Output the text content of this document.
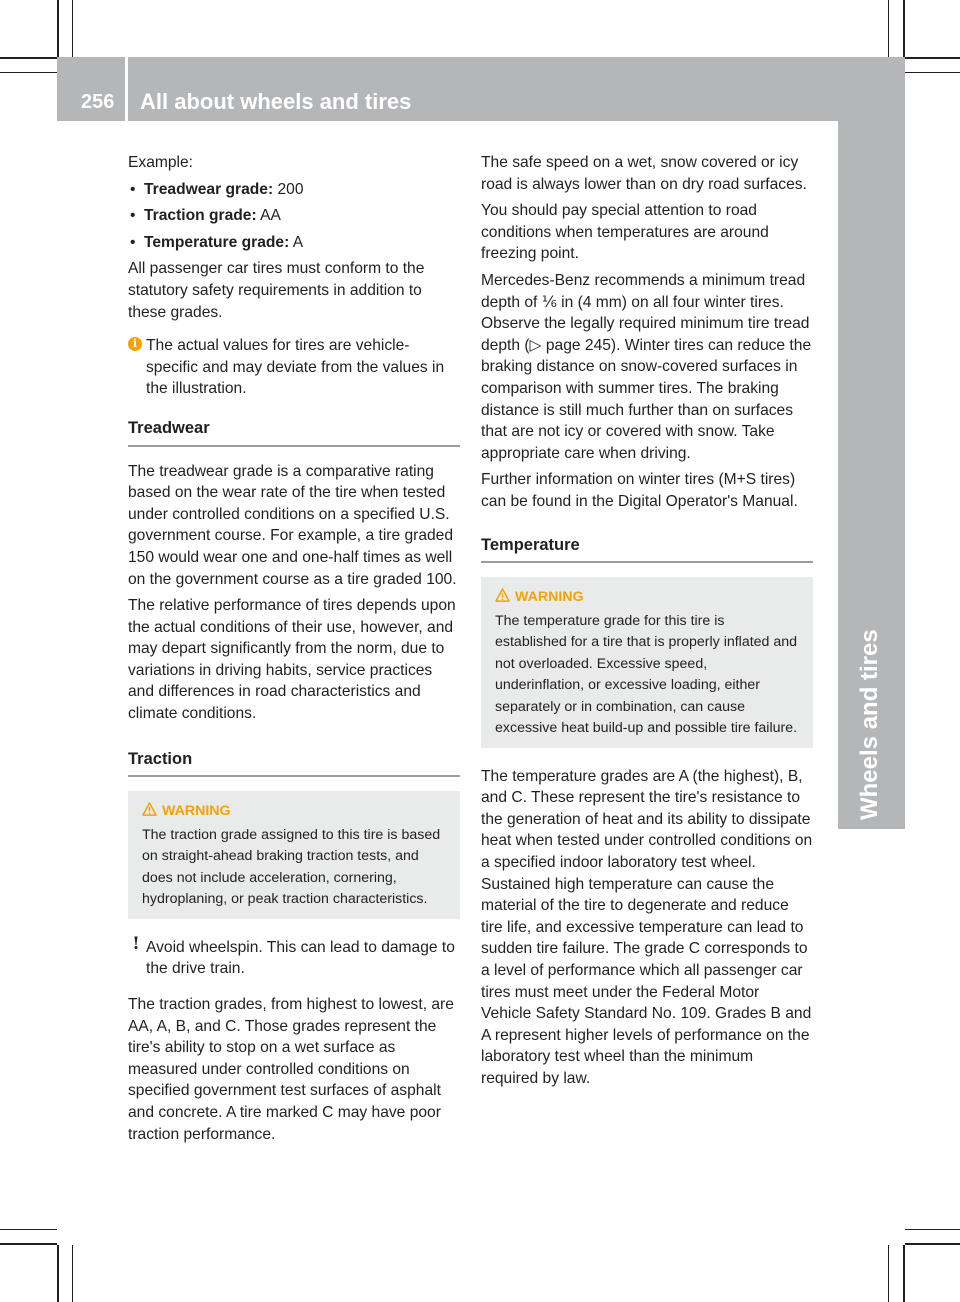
256 All about wheels and tires
Wheels and tires

Example:

• Treadwear grade: 200
• Traction grade: AA
• Temperature grade: A

All passenger car tires must conform to the statutory safety requirements in addition to these grades.

i The actual values for tires are vehicle-specific and may deviate from the values in the illustration.
Treadwear

The treadwear grade is a comparative rating based on the wear rate of the tire when tested under controlled conditions on a specified U.S. government course. For example, a tire graded 150 would wear one and one-half times as well on the government course as a tire graded 100.

The relative performance of tires depends upon the actual conditions of their use, however, and may depart significantly from the norm, due to variations in driving habits, service practices and differences in road characteristics and climate conditions.

Traction
WARNING
The traction grade assigned to this tire is based on straight-ahead braking traction tests, and does not include acceleration, cornering, hydroplaning, or peak traction characteristics.
! Avoid wheelspin. This can lead to damage to the drive train.

The traction grades, from highest to lowest, are AA, A, B, and C. Those grades represent the tire's ability to stop on a wet surface as measured under controlled conditions on specified government test surfaces of asphalt and concrete. A tire marked C may have poor traction performance.

The safe speed on a wet, snow covered or icy road is always lower than on dry road surfaces.

You should pay special attention to road conditions when temperatures are around freezing point.

Mercedes-Benz recommends a minimum tread depth of ⅙ in (4 mm) on all four winter tires. Observe the legally required minimum tire tread depth (▷ page 245). Winter tires can reduce the braking distance on snow-covered surfaces in comparison with summer tires. The braking distance is still much further than on surfaces that are not icy or covered with snow. Take appropriate care when driving.

Further information on winter tires (M+S tires) can be found in the Digital Operator's Manual.

Temperature
WARNING
The temperature grade for this tire is established for a tire that is properly inflated and not overloaded. Excessive speed, underinflation, or excessive loading, either separately or in combination, can cause excessive heat build-up and possible tire failure.

The temperature grades are A (the highest), B, and C. These represent the tire's resistance to the generation of heat and its ability to dissipate heat when tested under controlled conditions on a specified indoor laboratory test wheel. Sustained high temperature can cause the material of the tire to degenerate and reduce tire life, and excessive temperature can lead to sudden tire failure. The grade C corresponds to a level of performance which all passenger car tires must meet under the Federal Motor Vehicle Safety Standard No. 109. Grades B and A represent higher levels of performance on the laboratory test wheel than the minimum required by law.
